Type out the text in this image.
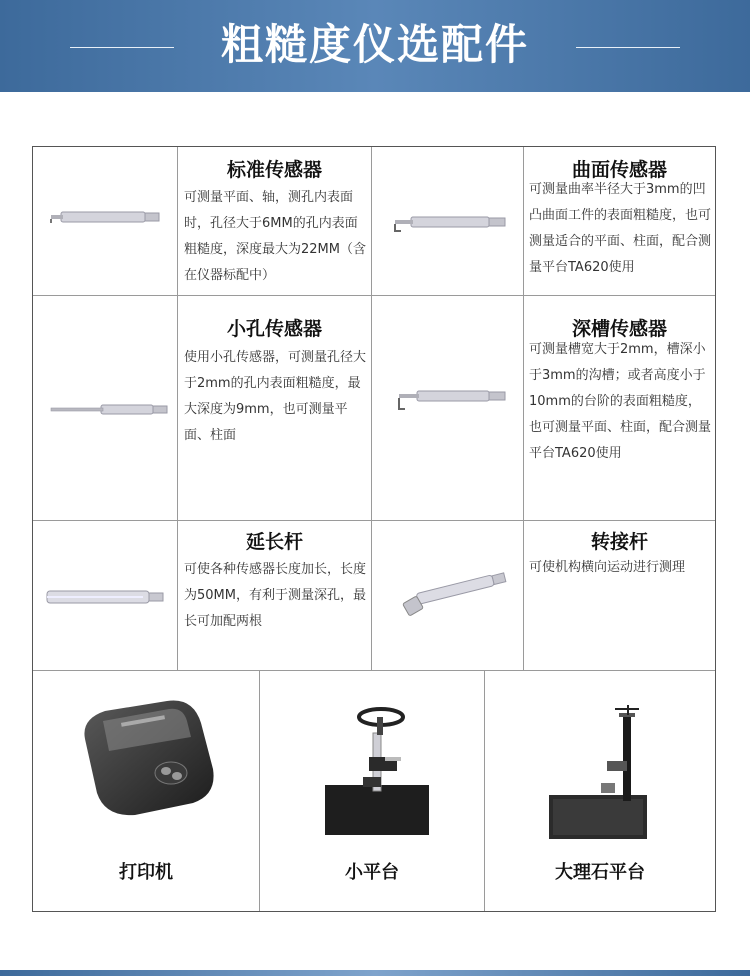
粗糙度仪选配件
标准传感器
可测量平面、轴，测孔内表面时，孔径大于6MM的孔内表面粗糙度，深度最大为22MM（含在仪器标配中）
曲面传感器
可测量曲率半径大于3mm的凹凸曲面工件的表面粗糙度，也可测量适合的平面、柱面，配合测量平台TA620使用
小孔传感器
使用小孔传感器，可测量孔径大于2mm的孔内表面粗糙度，最大深度为9mm，也可测量平面、柱面
深槽传感器
可测量槽宽大于2mm，槽深小于3mm的沟槽；或者高度小于10mm的台阶的表面粗糙度，也可测量平面、柱面，配合测量平台TA620使用
延长杆
可使各种传感器长度加长，长度为50MM，有利于测量深孔，最长可加配两根
转接杆
可使机构横向运动进行测理
打印机	小平台	大理石平台
